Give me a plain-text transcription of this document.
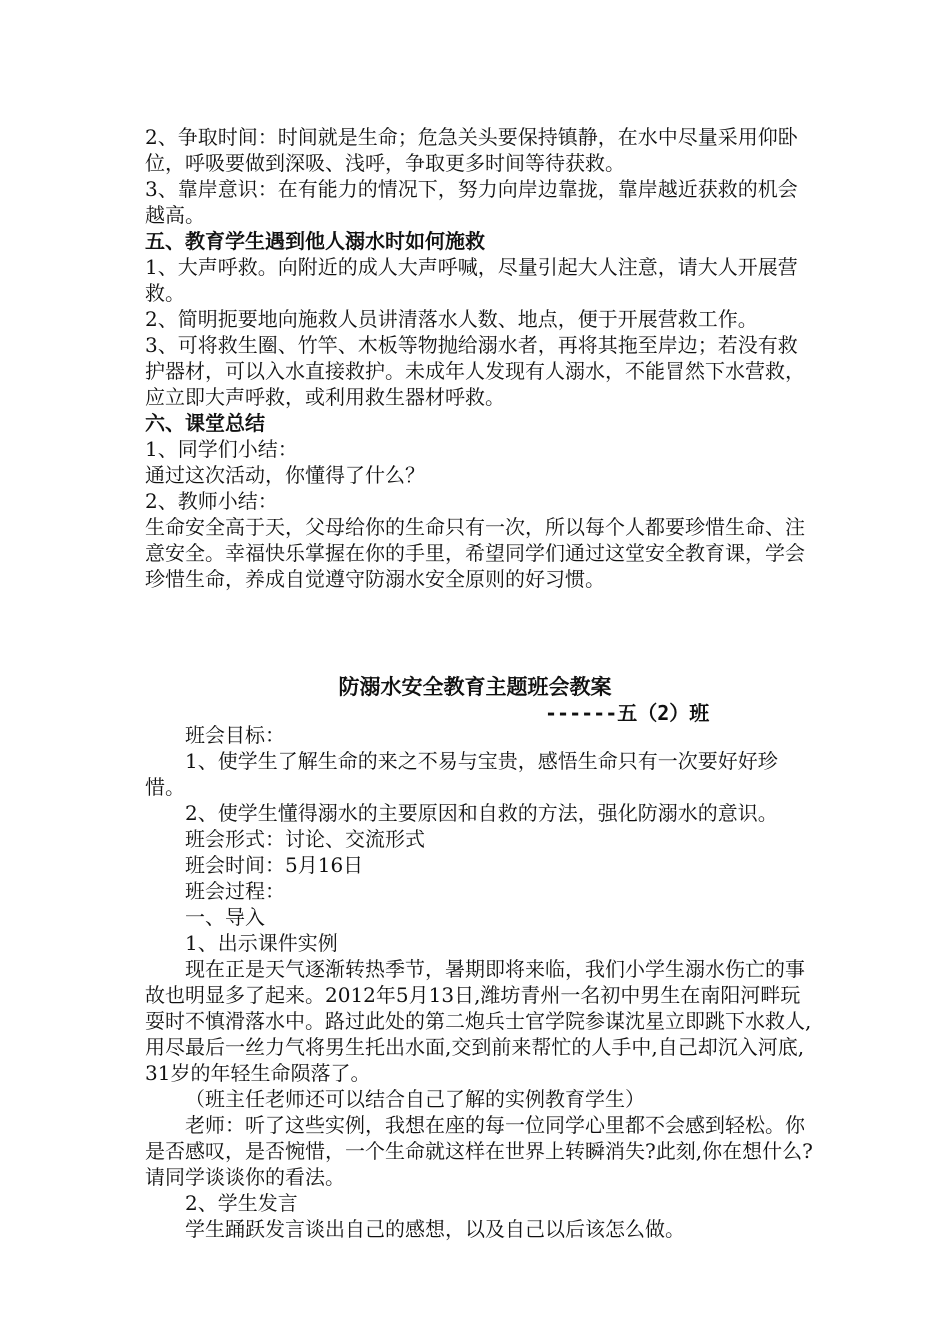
2、争取时间：时间就是生命；危急关头要保持镇静，在水中尽量采用仰卧位，呼吸要做到深吸、浅呼，争取更多时间等待获救。

3、靠岸意识：在有能力的情况下，努力向岸边靠拢，靠岸越近获救的机会越高。

五、教育学生遇到他人溺水时如何施救

1、大声呼救。向附近的成人大声呼喊，尽量引起大人注意，请大人开展营救。

2、简明扼要地向施救人员讲清落水人数、地点，便于开展营救工作。

3、可将救生圈、竹竿、木板等物抛给溺水者，再将其拖至岸边；若没有救护器材，可以入水直接救护。未成年人发现有人溺水，不能冒然下水营救，应立即大声呼救，或利用救生器材呼救。

六、课堂总结

1、同学们小结：

通过这次活动，你懂得了什么？

2、教师小结：

生命安全高于天，父母给你的生命只有一次，所以每个人都要珍惜生命、注意安全。幸福快乐掌握在你的手里，希望同学们通过这堂安全教育课，学会珍惜生命，养成自觉遵守防溺水安全原则的好习惯。

防溺水安全教育主题班会教案
------五（2）班

班会目标：

1、使学生了解生命的来之不易与宝贵，感悟生命只有一次要好好珍惜。

2、使学生懂得溺水的主要原因和自救的方法，强化防溺水的意识。

班会形式：讨论、交流形式

班会时间：5月16日

班会过程：

一、导入

1、出示课件实例

现在正是天气逐渐转热季节，暑期即将来临，我们小学生溺水伤亡的事故也明显多了起来。2012年5月13日,潍坊青州一名初中男生在南阳河畔玩耍时不慎滑落水中。路过此处的第二炮兵士官学院参谋沈星立即跳下水救人,用尽最后一丝力气将男生托出水面,交到前来帮忙的人手中,自己却沉入河底,31岁的年轻生命陨落了。

（班主任老师还可以结合自己了解的实例教育学生）

老师：听了这些实例，我想在座的每一位同学心里都不会感到轻松。你是否感叹，是否惋惜，一个生命就这样在世界上转瞬消失?此刻,你在想什么?请同学谈谈你的看法。

2、学生发言

学生踊跃发言谈出自己的感想，以及自己以后该怎么做。
